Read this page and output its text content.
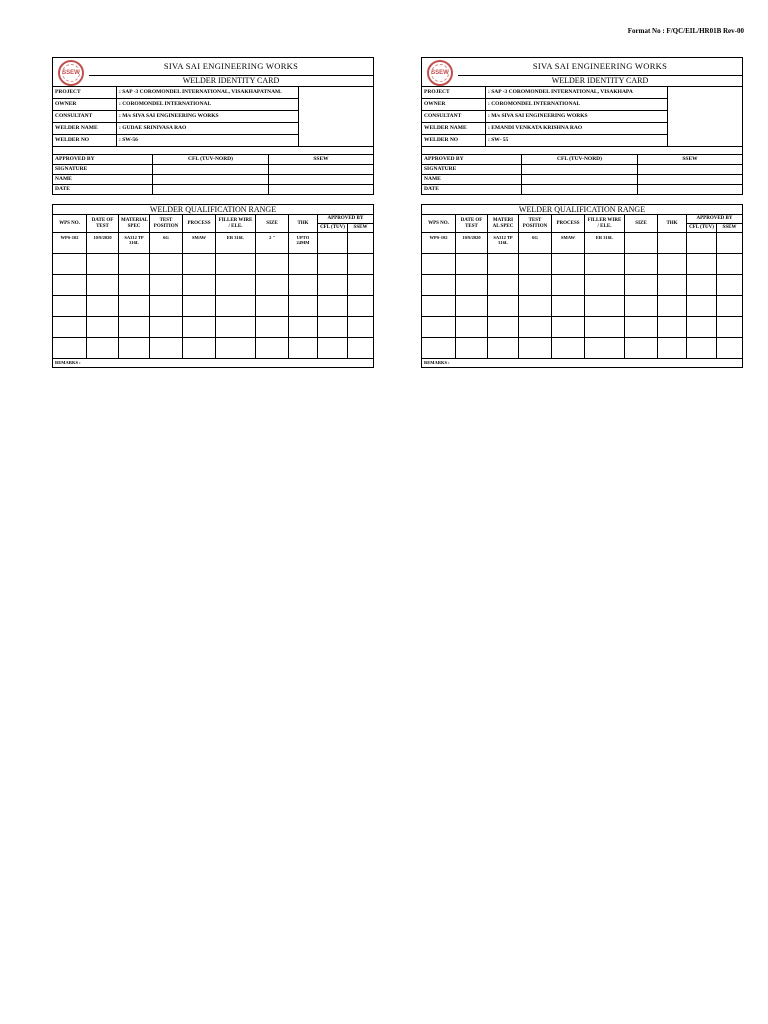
Format No : F/QC/EIL/HR01B Rev-00
SSEW
SIVA SAI ENGINEERING WORKS
WELDER IDENTITY CARD
PROJECT	: SAP -3 COROMONDEL INTERNATIONAL, VISAKHAPATNAM.	
OWNER	: COROMONDEL INTERNATIONAL	
CONSULTANT	: M/s SIVA SAI ENGINEERING WORKS	
WELDER NAME	: GUDAE SRINIVASA RAO	
WELDER NO	: SW-56	
APPROVED BY	CFL (TUV-NORD)	SSEW
SIGNATURE		
NAME		
DATE		
WELDER QUALIFICATION RANGE
WPS NO.	DATE OF TEST	MATERIAL SPEC	TEST POSITION	PROCESS	FILLER WIRE / ELE.	SIZE	THK	APPROVED BY	
								CFL (TUV)	SSEW
WPS-102	10/9/2020	SA312 TP 316L	6G	SMAW	ER 316L	2 "	UPTO 24MM		

REMARKS :									
SSEW
SIVA SAI ENGINEERING WORKS
WELDER IDENTITY CARD
PROJECT	: SAP -3 COROMONDEL INTERNATIONAL, VISAKHAPA	
OWNER	: COROMONDEL INTERNATIONAL	
CONSULTANT	: M/s SIVA SAI ENGINEERING WORKS	
WELDER NAME	: EMANDI VENKATA KRISHNA RAO	
WELDER NO	: SW- 55	
APPROVED BY	CFL (TUV-NORD)	SSEW
SIGNATURE		
NAME		
DATE		
WELDER QUALIFICATION RANGE
WPS NO.	DATE OF TEST	MATERI AL SPEC	TEST POSITION	PROCESS	FILLER WIRE / ELE.	SIZE	THK	APPROVED BY	
								CFL (TUV)	SSEW
WPS-102	10/9/2020	SA312 TP 316L	6G	SMAW	ER 316L				

REMARKS :									
